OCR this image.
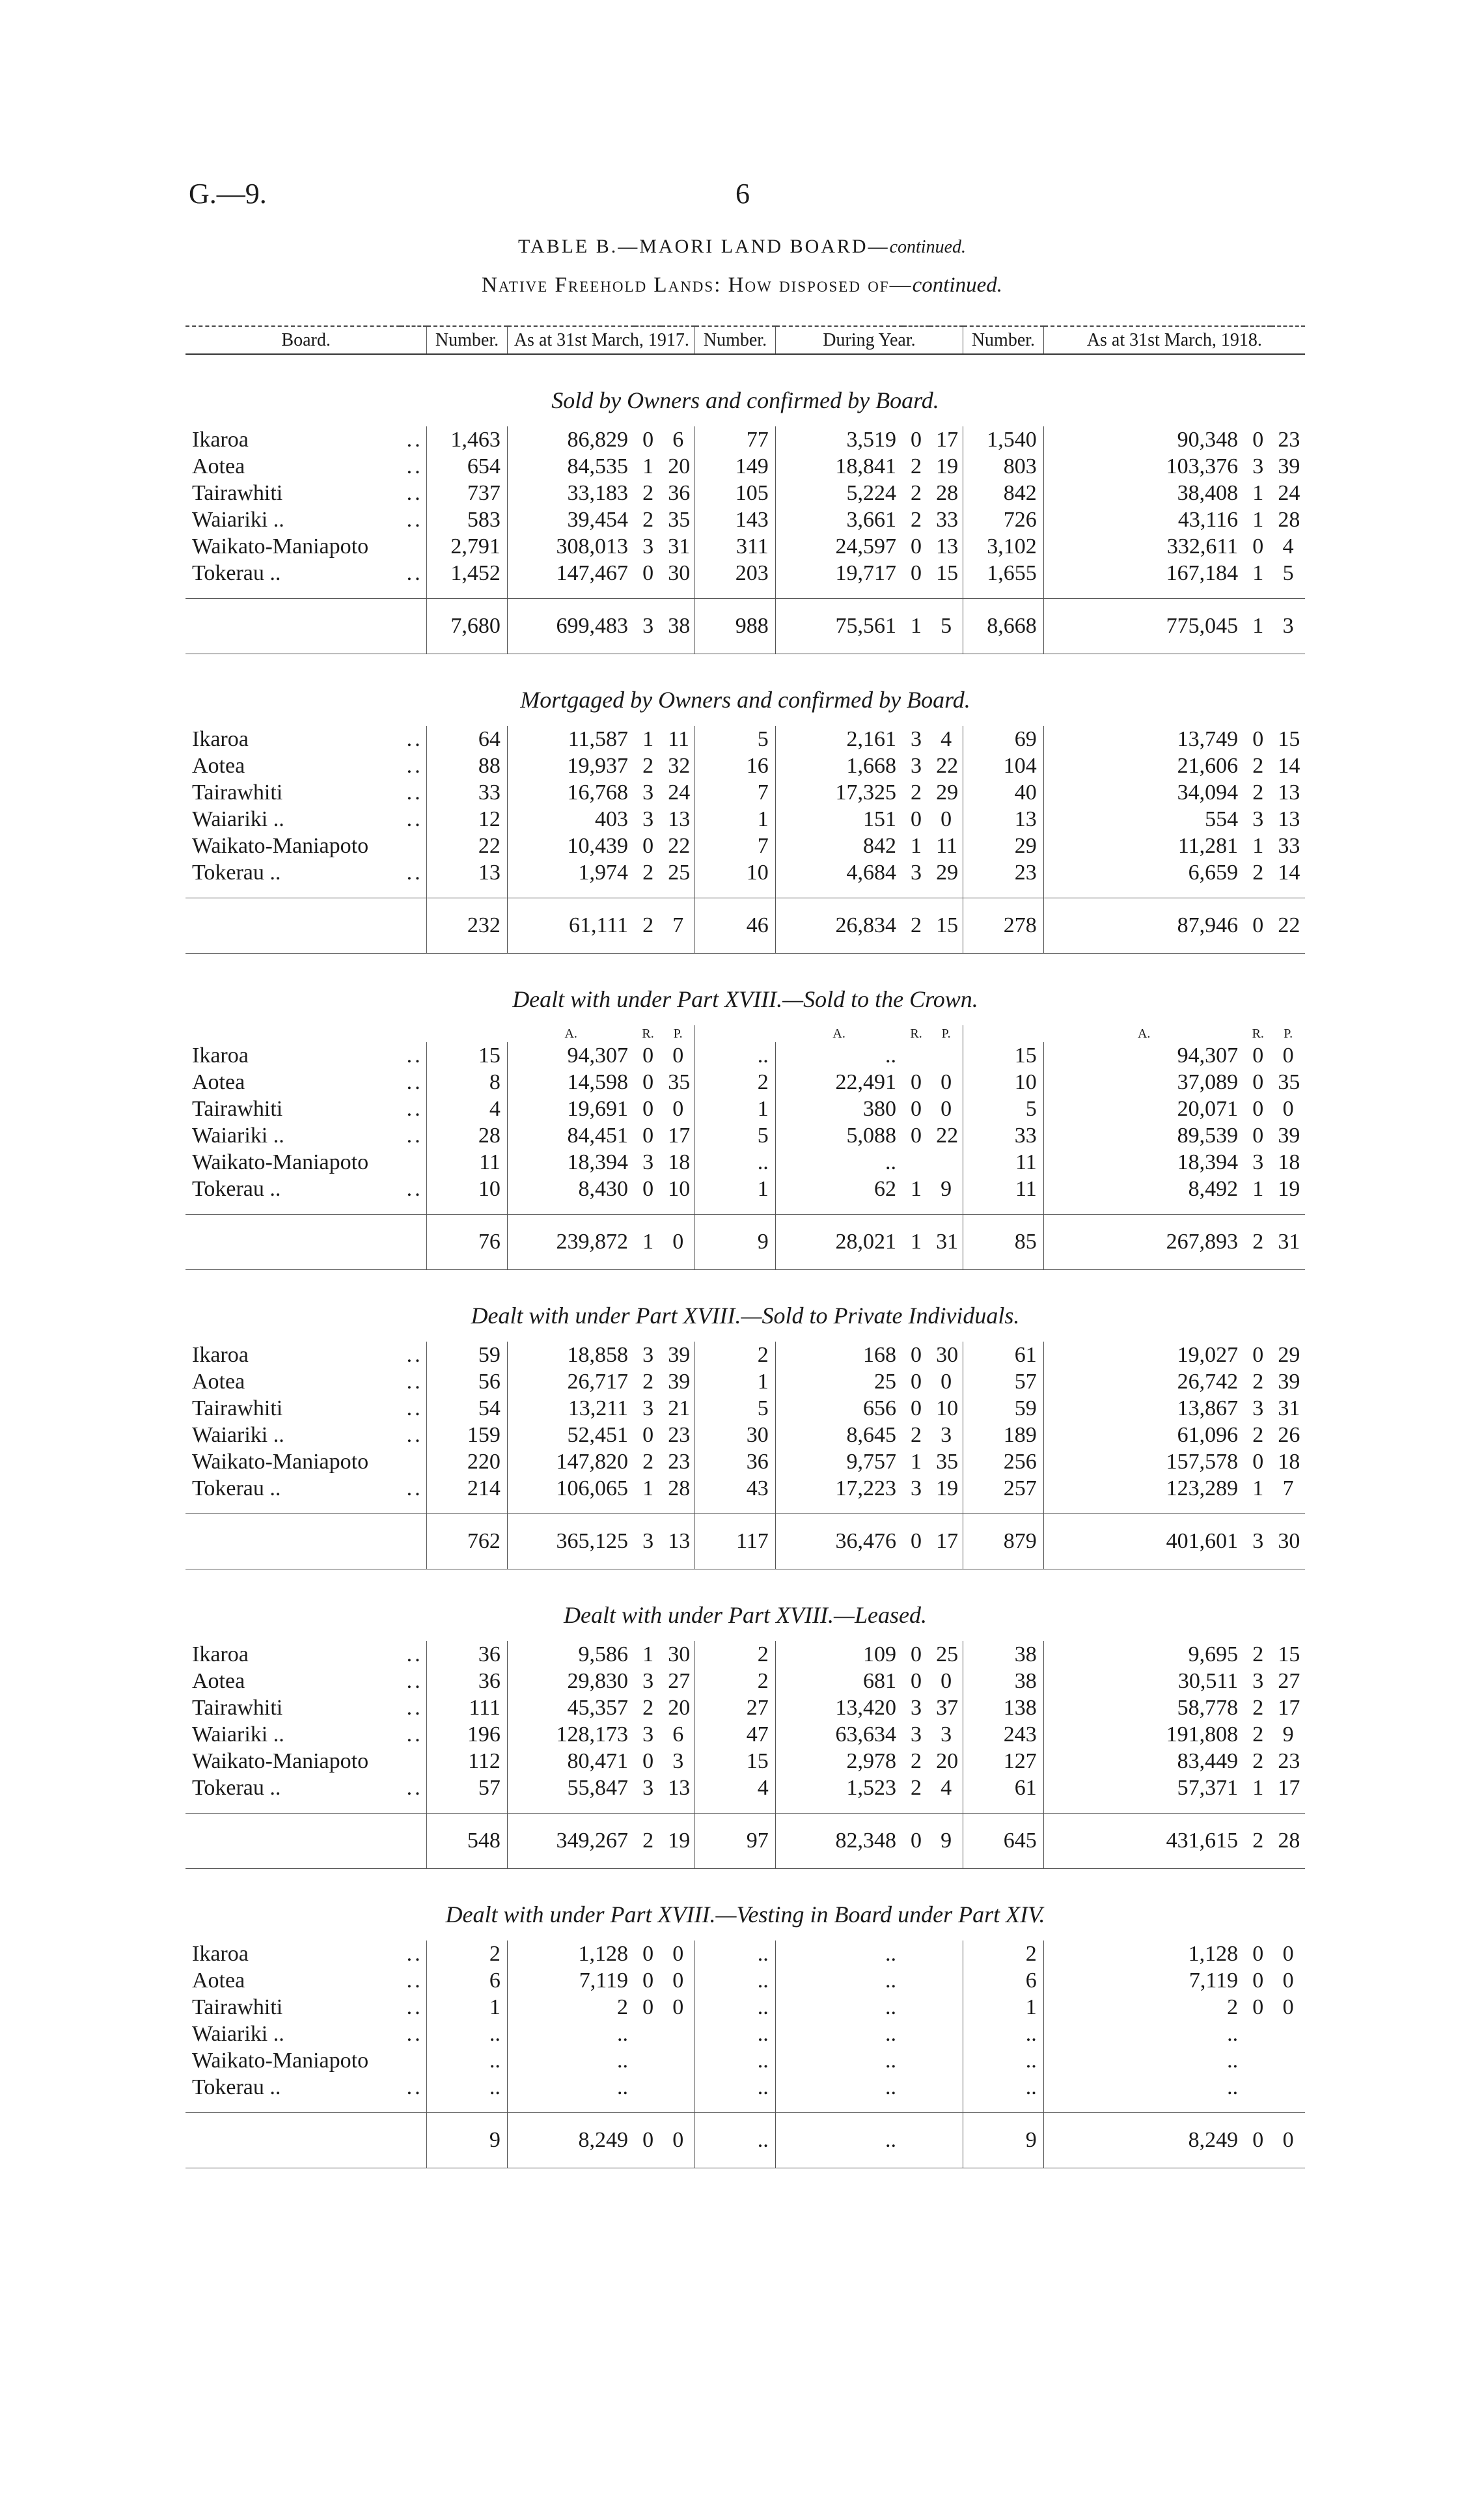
G.—9.	6
TABLE B.—MAORI LAND BOARD—continued.
Native Freehold Lands: How disposed of—continued.
Board.		Number.	As at 31st March, 1917.			Number.	During Year.			Number.	As at 31st March, 1918.		
Sold by Owners and confirmed by Board.													
Ikaroa	..	1,463	86,829	0	6	77	3,519	0	17	1,540	90,348	0	23
Aotea	..	654	84,535	1	20	149	18,841	2	19	803	103,376	3	39
Tairawhiti	..	737	33,183	2	36	105	5,224	2	28	842	38,408	1	24
Waiariki ..	..	583	39,454	2	35	143	3,661	2	33	726	43,116	1	28
Waikato-Maniapoto		2,791	308,013	3	31	311	24,597	0	13	3,102	332,611	0	4
Tokerau ..	..	1,452	147,467	0	30	203	19,717	0	15	1,655	167,184	1	5

		7,680	699,483	3	38	988	75,561	1	5	8,668	775,045	1	3
Mortgaged by Owners and confirmed by Board.													
Ikaroa	..	64	11,587	1	11	5	2,161	3	4	69	13,749	0	15
Aotea	..	88	19,937	2	32	16	1,668	3	22	104	21,606	2	14
Tairawhiti	..	33	16,768	3	24	7	17,325	2	29	40	34,094	2	13
Waiariki ..	..	12	403	3	13	1	151	0	0	13	554	3	13
Waikato-Maniapoto		22	10,439	0	22	7	842	1	11	29	11,281	1	33
Tokerau ..	..	13	1,974	2	25	10	4,684	3	29	23	6,659	2	14

		232	61,111	2	7	46	26,834	2	15	278	87,946	0	22
Dealt with under Part XVIII.—Sold to the Crown.													
			A.	R.	P.		A.	R.	P.		A.	R.	P.
Ikaroa	..	15	94,307	0	0	..	..			15	94,307	0	0
Aotea	..	8	14,598	0	35	2	22,491	0	0	10	37,089	0	35
Tairawhiti	..	4	19,691	0	0	1	380	0	0	5	20,071	0	0
Waiariki ..	..	28	84,451	0	17	5	5,088	0	22	33	89,539	0	39
Waikato-Maniapoto		11	18,394	3	18	..	..			11	18,394	3	18
Tokerau ..	..	10	8,430	0	10	1	62	1	9	11	8,492	1	19

		76	239,872	1	0	9	28,021	1	31	85	267,893	2	31
Dealt with under Part XVIII.—Sold to Private Individuals.													
Ikaroa	..	59	18,858	3	39	2	168	0	30	61	19,027	0	29
Aotea	..	56	26,717	2	39	1	25	0	0	57	26,742	2	39
Tairawhiti	..	54	13,211	3	21	5	656	0	10	59	13,867	3	31
Waiariki ..	..	159	52,451	0	23	30	8,645	2	3	189	61,096	2	26
Waikato-Maniapoto		220	147,820	2	23	36	9,757	1	35	256	157,578	0	18
Tokerau ..	..	214	106,065	1	28	43	17,223	3	19	257	123,289	1	7

		762	365,125	3	13	117	36,476	0	17	879	401,601	3	30
Dealt with under Part XVIII.—Leased.													
Ikaroa	..	36	9,586	1	30	2	109	0	25	38	9,695	2	15
Aotea	..	36	29,830	3	27	2	681	0	0	38	30,511	3	27
Tairawhiti	..	111	45,357	2	20	27	13,420	3	37	138	58,778	2	17
Waiariki ..	..	196	128,173	3	6	47	63,634	3	3	243	191,808	2	9
Waikato-Maniapoto		112	80,471	0	3	15	2,978	2	20	127	83,449	2	23
Tokerau ..	..	57	55,847	3	13	4	1,523	2	4	61	57,371	1	17

		548	349,267	2	19	97	82,348	0	9	645	431,615	2	28
Dealt with under Part XVIII.—Vesting in Board under Part XIV.													
Ikaroa	..	2	1,128	0	0	..	..			2	1,128	0	0
Aotea	..	6	7,119	0	0	..	..			6	7,119	0	0
Tairawhiti	..	1	2	0	0	..	..			1	2	0	0
Waiariki ..	..	..	..			..	..			..	..		
Waikato-Maniapoto		..	..			..	..			..	..		
Tokerau ..	..	..	..			..	..			..	..		

		9	8,249	0	0	..	..			9	8,249	0	0
